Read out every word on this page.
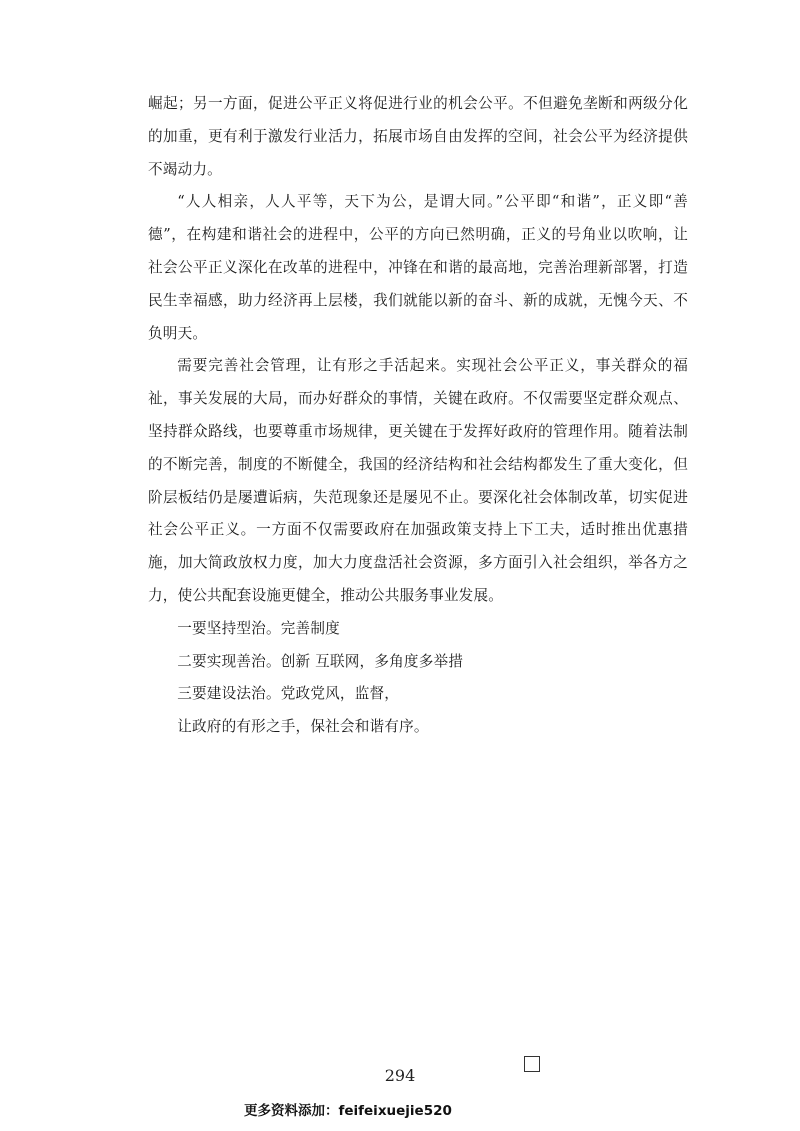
崛起；另一方面，促进公平正义将促进行业的机会公平。不但避免垄断和两级分化的加重，更有利于激发行业活力，拓展市场自由发挥的空间，社会公平为经济提供不竭动力。

“人人相亲，人人平等，天下为公，是谓大同。”公平即“和谐”，正义即“善德”，在构建和谐社会的进程中，公平的方向已然明确，正义的号角业以吹响，让社会公平正义深化在改革的进程中，冲锋在和谐的最高地，完善治理新部署，打造民生幸福感，助力经济再上层楼，我们就能以新的奋斗、新的成就，无愧今天、不负明天。

需要完善社会管理，让有形之手活起来。实现社会公平正义，事关群众的福祉，事关发展的大局，而办好群众的事情，关键在政府。不仅需要坚定群众观点、坚持群众路线，也要尊重市场规律，更关键在于发挥好政府的管理作用。随着法制的不断完善，制度的不断健全，我国的经济结构和社会结构都发生了重大变化，但阶层板结仍是屡遭诟病，失范现象还是屡见不止。要深化社会体制改革，切实促进社会公平正义。一方面不仅需要政府在加强政策支持上下工夫，适时推出优惠措施，加大简政放权力度，加大力度盘活社会资源，多方面引入社会组织，举各方之力，使公共配套设施更健全，推动公共服务事业发展。

一要坚持型治。完善制度

二要实现善治。创新 互联网，多角度多举措

三要建设法治。党政党风，监督，

让政府的有形之手，保社会和谐有序。

294
更多资料添加：feifeixuejie520
